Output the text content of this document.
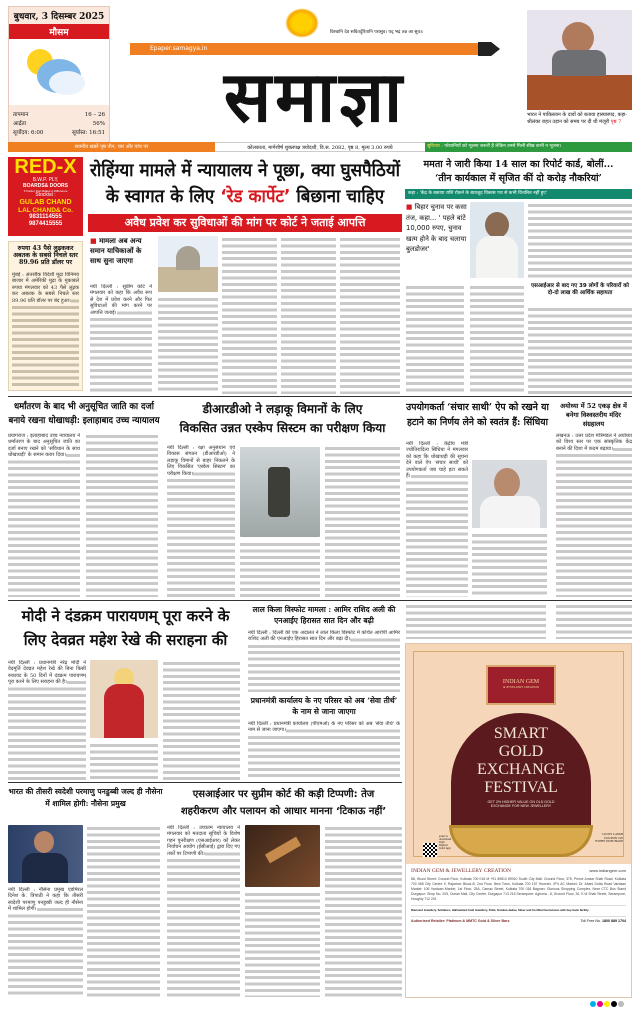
बुधवार, 3 दिसम्बर 2025
मौसम
तापमान	16 – 26
आर्द्रता	56%
सूर्योदय: 6:00	सूर्यास्त: 16:51
विश्वानि देव सवितर्दुरितानि परासुव। यद् भद्रं तन्न आ सुव॥
Epaper.samagya.in
समाज्ञा	भारत ने पाकिस्तान के दावों को बताया हास्यास्पद, कहा- श्रीलंका राहत उड़ान को समय पर दी थी मंजूरी पृष्ठ 7
स्थानीय खबरें पृष्ठ तीन, चार और पांच पर	कोलकाता, मार्गशीर्ष शुक्लपक्ष त्रयोदशी, वि.स. 2082, पृष्ठ 8, मूल्य 3.00 रुपये	सुविचार : परेशानियों को भूलना जरूरी है लेकिन उनसे मिली सीख कभी न भूलना।
RED-X
B.W.P. PLY,
BOARDS& DOORS
X Factor that Makes A Difference
Stockist :
GULAB CHAND
LAL CHAND& Co.
9831114555
9874415555
रुपया 43 पैसे लुढ़ककर अबतक के सबसे निचले स्तर 89.96 प्रति डॉलर पर
मुंबई : अंतरबैंक विदेशी मुद्रा विनिमय बाजार में अमेरिकी मुद्रा के मुकाबले रुपया मंगलवार को 43 पैसे लुढ़क कर अबतक के सबसे निचले स्तर 89.96 प्रति डॉलर पर बंद हुआ।
रोहिंग्या मामले में न्यायालय ने पूछा, क्या घुसपैठियों
के स्वागत के लिए ‘रेड कार्पेट’ बिछाना चाहिए
अवैध प्रवेश कर सुविधाओं की मांग पर कोर्ट ने जताई आपत्ति
■ मामला अब अन्य समान याचिकाओं के साथ सुना जाएगा
नयी दिल्ली : सुप्रीम कोर्ट ने मंगलवार को कहा कि अवैध रूप से देश में प्रवेश करने और फिर सुविधाओं की मांग करने पर आपत्ति जताई।
ममता ने जारी किया 14 साल का रिपोर्ट कार्ड, बोलीं...
‘तीन कार्यकाल में सृजित कीं दो करोड़ नौकरियां’
कहा : 'केंद्र के बकाया राशि रोकने के बावजूद विकास पथ से कभी विचलित नहीं हुए'
■ बिहार चुनाव पर कसा तंज, कहा... ' पहले बांटे 10,000 रुपए, चुनाव खत्म होने के बाद चलाया बुलडोजर'
एसआईआर से बाद गए 39 लोगों के परिवारों को दो-दो लाख की आर्थिक सहायता
धर्मांतरण के बाद भी अनुसूचित जाति का दर्जा बनाये रखना धोखाधड़ी: इलाहाबाद उच्च न्यायालय
प्रयागराज : इलाहाबाद उच्च न्यायालय ने धर्मांतरण के बाद अनुसूचित जाति का दर्जा बनाए रखने को 'संविधान के साथ धोखाधड़ी' के समान करार दिया।
डीआरडीओ ने लड़ाकू विमानों के लिए
विकसित उन्नत एस्केप सिस्टम का परीक्षण किया
नयी दिल्ली : रक्षा अनुसंधान एवं विकास संगठन (डीआरडीओ) ने लड़ाकू विमानों से बाहर निकलने के लिए विकसित 'एस्केप सिस्टम' का परीक्षण किया।
उपयोगकर्ता ‘संचार साथी’ ऐप को रखने या हटाने का निर्णय लेने को स्वतंत्र हैं: सिंधिया
नयी दिल्ली : केंद्रीय मंत्री ज्योतिरादित्य सिंधिया ने मंगलवार को कहा कि धोखाधड़ी की सूचना देने वाले ऐप 'संचार साथी' को उपयोगकर्ता जब चाहे हटा सकते हैं।
अयोध्या में 52 एकड़ क्षेत्र में बनेगा विश्वस्तरीय मंदिर संग्रहालय
लखनऊ : उत्तर प्रदेश मंत्रिमंडल ने अयोध्या को विश्व स्तर पर एक सांस्कृतिक केंद्र बनाने की दिशा में कदम बढ़ाया।
मोदी ने दंडक्रम पारायणम् पूरा करने के लिए देवव्रत महेश रेखे की सराहना की
नयी दिल्ली : प्रधानमंत्री नरेंद्र मोदी ने वेदमूर्ति देवव्रत महेश रेखे की बिना किसी रुकावट के 50 दिनों में दंडक्रम पारायणम् पूरा करने के लिए सराहना की है।
लाल किला विस्फोट मामला : आमिर राशिद अली की एनआईए हिरासत सात दिन और बढ़ी
नयी दिल्ली : दिल्ली की एक अदालत ने लाल किला विस्फोट में कथित आरोपी आमिर राशिद अली की एनआईए हिरासत सात दिन और बढ़ा दी।
प्रधानमंत्री कार्यालय के नए परिसर को अब ‘सेवा तीर्थ’ के नाम से जाना जाएगा
नयी दिल्ली : प्रधानमंत्री कार्यालय (पीएमओ) के नए परिसर को अब 'सेवा तीर्थ' के नाम से जाना जाएगा।
भारत की तीसरी स्वदेशी परमाणु पनडुब्बी जल्द ही नौसेना में शामिल होगी: नौसेना प्रमुख
नयी दिल्ली : नौसेना प्रमुख एडमिरल दिनेश के. त्रिपाठी ने कहा कि तीसरी स्वदेशी परमाणु पनडुब्बी जल्द ही नौसेना में शामिल होगी।
एसआईआर पर सुप्रीम कोर्ट की कड़ी टिप्पणी: तेज
शहरीकरण और पलायन को आधार मानना ‘टिकाऊ नहीं’
नयी दिल्ली : उच्चतम न्यायालय ने मंगलवार को मतदाता सूचियों के विशेष गहन पुनरीक्षण (एसआईआर) को लेकर निर्वाचन आयोग (ईसीआई) द्वारा दिए गए तर्कों पर टिप्पणी की।
INDIAN GEM
& JEWELLERY CREATION
SMART
GOLD
EXCHANGE
FESTIVAL
GET 2% HIGHER VALUE ON OLD GOLD
EXCHANGE FOR NEW JEWELLERY
scan to download IGJC Digital Gold App
LUCKY LAXMI COUPON ON EVERY PURCHASE
INDIAN GEM & JEWELLERY CREATION	www.indiangem.com
88, Wood Street: Ground Floor, Kolkata 700 016 M +91 89810 89010 South City Mall: Ground Floor, 375, Prince Anwar Shah Road, Kolkata 700 068 City Centre II, Rajarhat: Block-B, 2nd Floor, New Town, Kolkata 700 157 Howrah: JP's AC Market, Dr. Abani Dutta Road Vardaan Market: 106 Vardaan Market, 1st Floor, 25A, Camac Street, Kolkata 700 016 Bagnan: Glorious Shopping Complex, Near CTC Bus Stand Durgapur: Shop No. 205, Ocean Mall, City Centre, Durgapur 713 216 Serampore: Aghoria - 8, Ground Floor, 30, K M Shah Street, Serampore, Hooghly 712 201
Diamond Jewellery, Solitaires, Hallmarked Gold Jewellery, Polki, Kundan-Jadau, Silver and Certified Gemstones with buy-back facility.
Authorised Retailer: Platinum & MMTC Gold & Silver Bars	Toll Free No. 1800 889 1704
